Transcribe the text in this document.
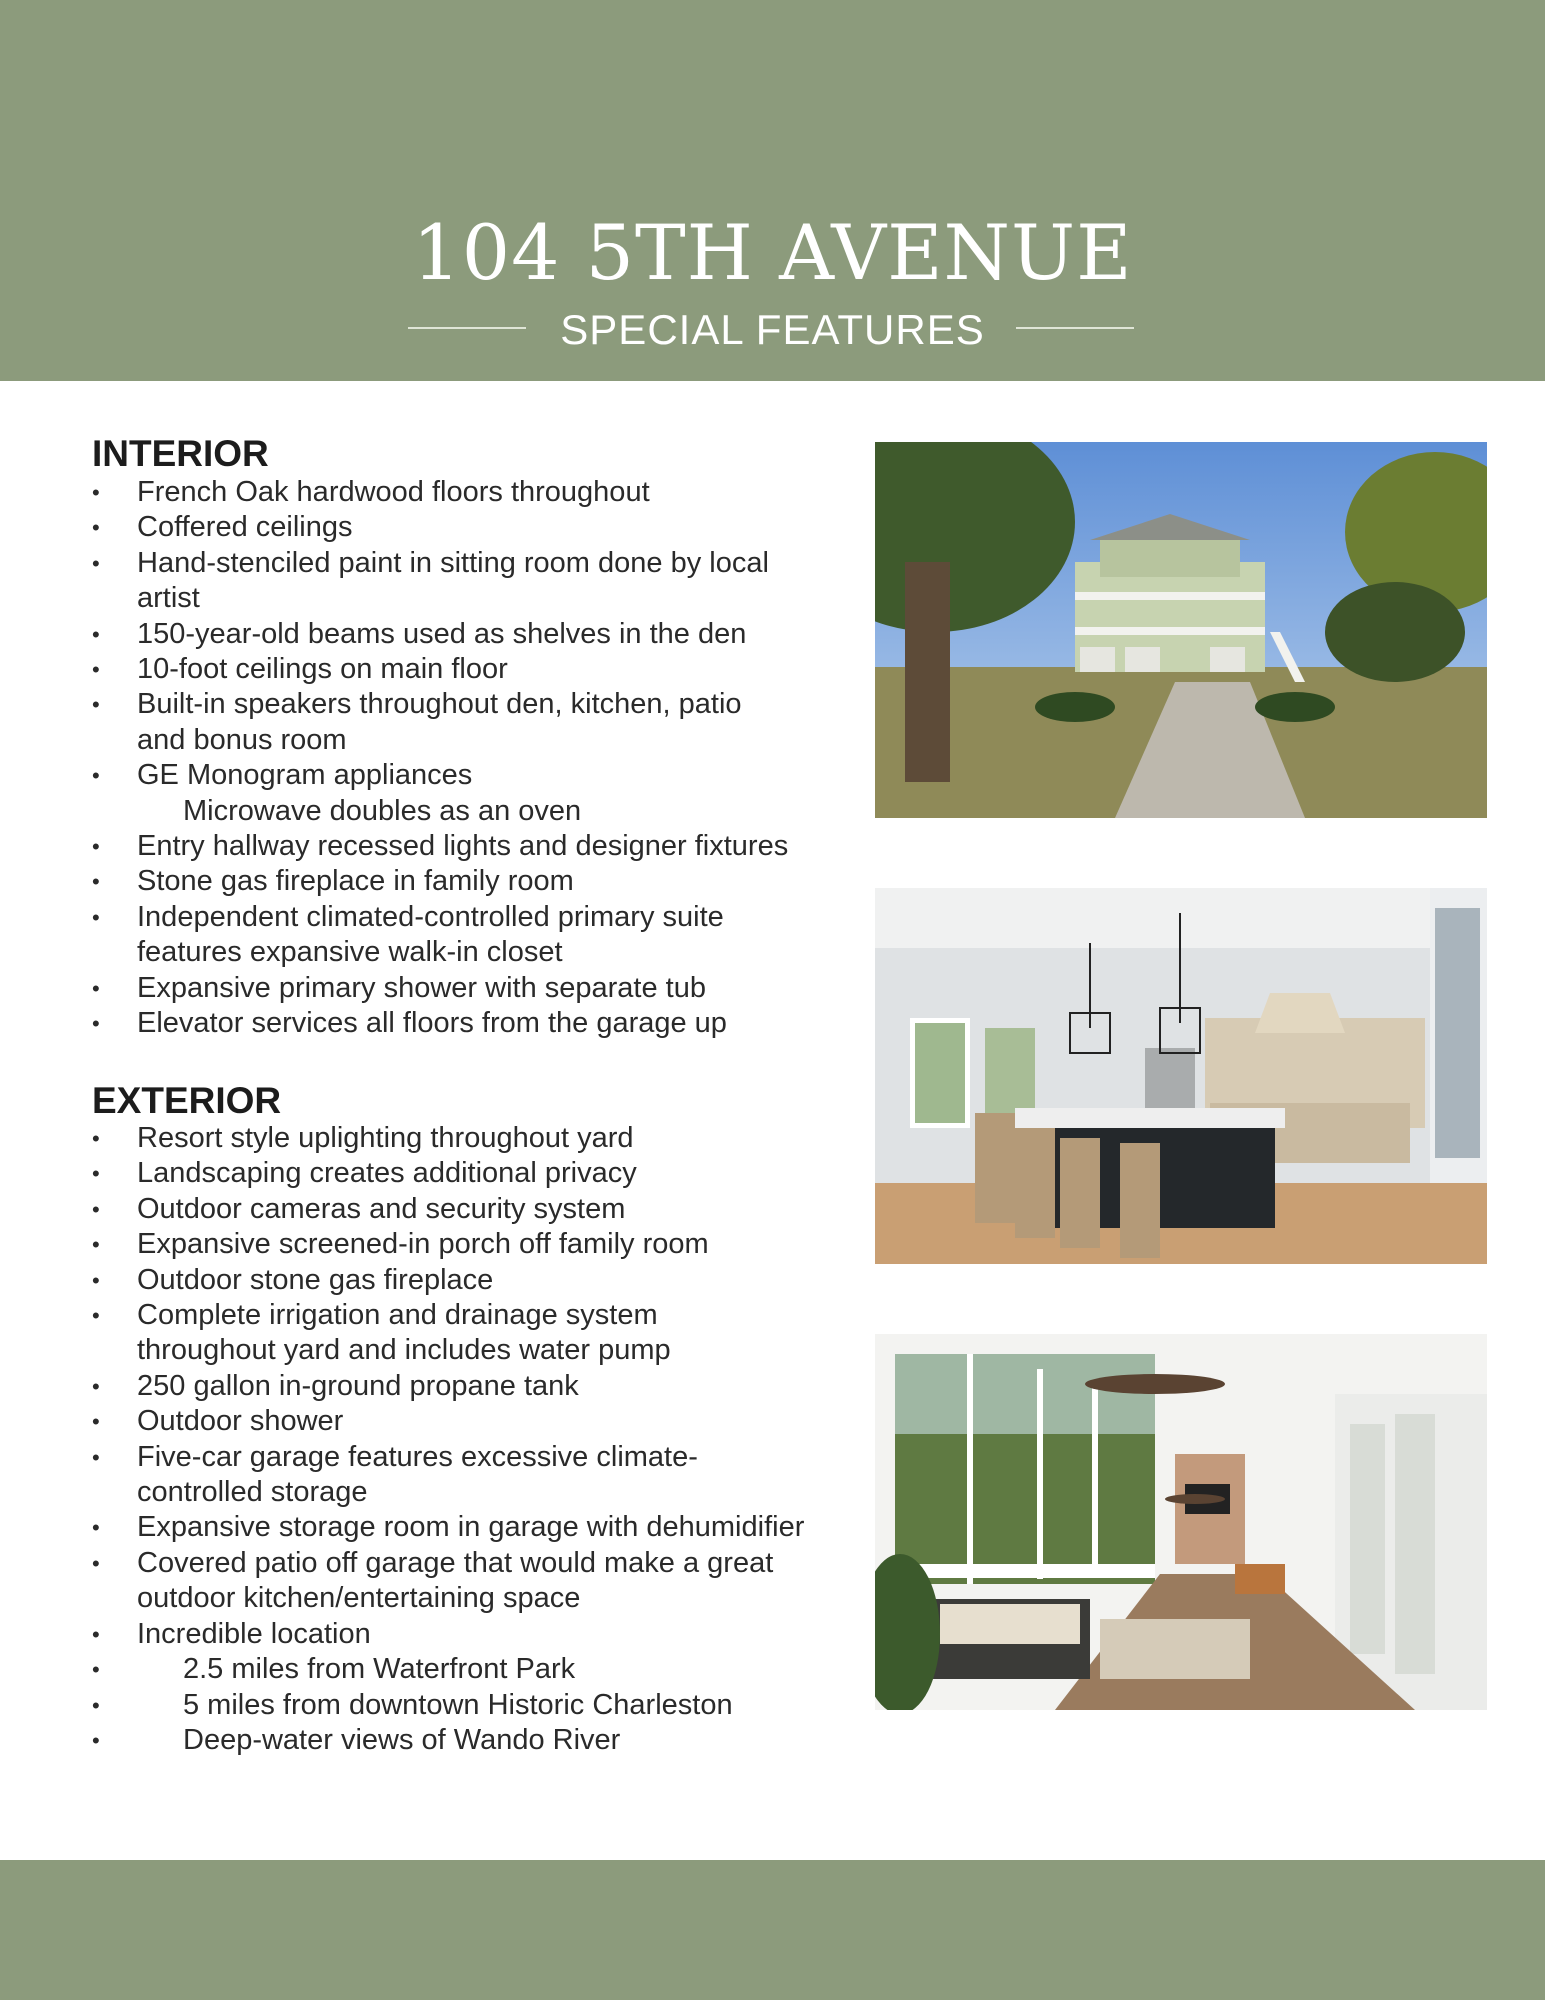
104 5TH AVENUE
SPECIAL FEATURES
INTERIOR
•	French Oak hardwood floors throughout
•	Coffered ceilings
•	Hand-stenciled paint in sitting room done by local
artist
•	150-year-old beams used as shelves in the den
•	10-foot ceilings on main floor
•	Built-in speakers throughout den, kitchen, patio
and bonus room
•	GE Monogram appliances
Microwave doubles as an oven
•	Entry hallway recessed lights and designer fixtures
•	Stone gas fireplace in family room
•	Independent climated-controlled primary suite
features expansive walk-in closet
•	Expansive primary shower with separate tub
•	Elevator services all floors from the garage up
EXTERIOR
•	Resort style uplighting throughout yard
•	Landscaping creates additional privacy
•	Outdoor cameras and security system
•	Expansive screened-in porch off family room
•	Outdoor stone gas fireplace
•	Complete irrigation and drainage system
throughout yard and includes water pump
•	250 gallon in-ground propane tank
•	Outdoor shower
•	Five-car garage features excessive climate-
controlled storage
•	Expansive storage room in garage with dehumidifier
•	Covered patio off garage that would make a great
outdoor kitchen/entertaining space
•	Incredible location
•	2.5 miles from Waterfront Park
•	5 miles from downtown Historic Charleston
•	Deep-water views of Wando River
